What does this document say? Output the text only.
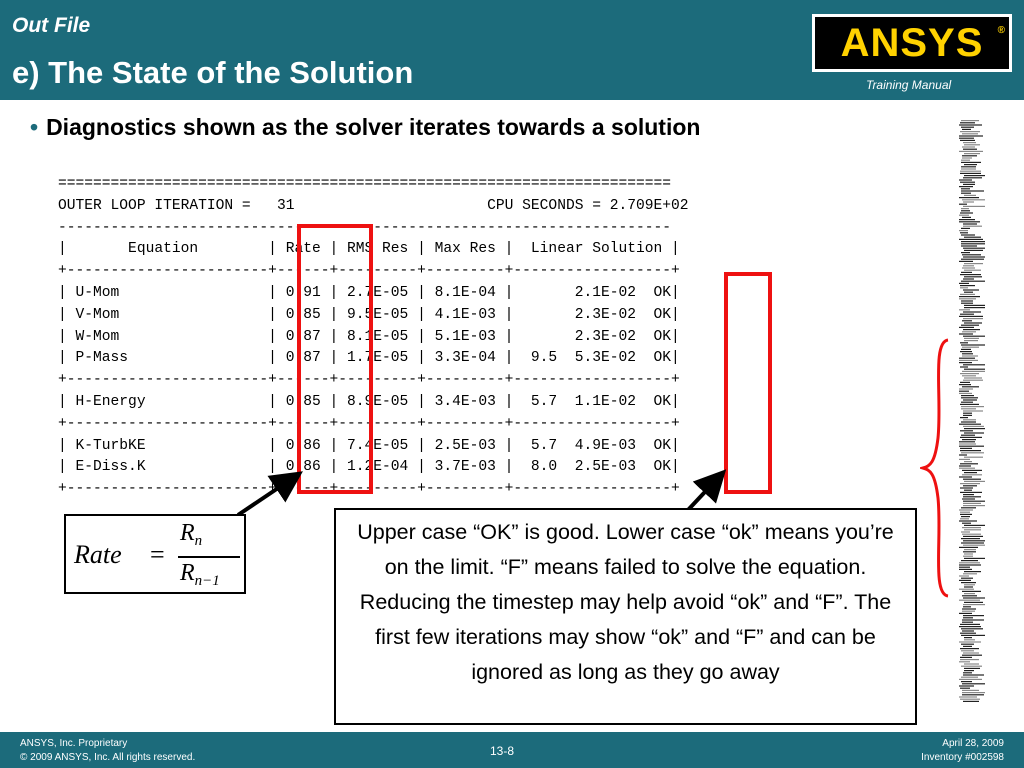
Out File
e) The State of the Solution
ANSYS ®
Training Manual
• Diagnostics shown as the solver iterates towards a solution
======================================================================
OUTER LOOP ITERATION =   31                      CPU SECONDS = 2.709E+02
----------------------------------------------------------------------
|       Equation        | Rate | RMS Res | Max Res |  Linear Solution |
+-----------------------+------+---------+---------+------------------+
| U-Mom                 | 0.91 | 2.7E-05 | 8.1E-04 |       2.1E-02  OK|
| V-Mom                 | 0.85 | 9.5E-05 | 4.1E-03 |       2.3E-02  OK|
| W-Mom                 | 0.87 | 8.1E-05 | 5.1E-03 |       2.3E-02  OK|
| P-Mass                | 0.87 | 1.7E-05 | 3.3E-04 |  9.5  5.3E-02  OK|
+-----------------------+------+---------+---------+------------------+
| H-Energy              | 0.85 | 8.9E-05 | 3.4E-03 |  5.7  1.1E-02  OK|
+-----------------------+------+---------+---------+------------------+
| K-TurbKE              | 0.86 | 7.4E-05 | 2.5E-03 |  5.7  4.9E-03  OK|
| E-Diss.K              | 0.86 | 1.2E-04 | 3.7E-03 |  8.0  2.5E-03  OK|
+-----------------------+------+---------+---------+------------------+
Rate =
$R_n$
$R_{n-1}$
Upper case “OK” is good. Lower case “ok” means you’re on the limit. “F” means failed to solve the equation. Reducing the timestep may help avoid “ok” and “F”. The first few iterations may show “ok” and “F” and can be ignored as long as they go away
ANSYS, Inc. Proprietary
© 2009 ANSYS, Inc. All rights reserved.	13-8
April 28, 2009
Inventory #002598
